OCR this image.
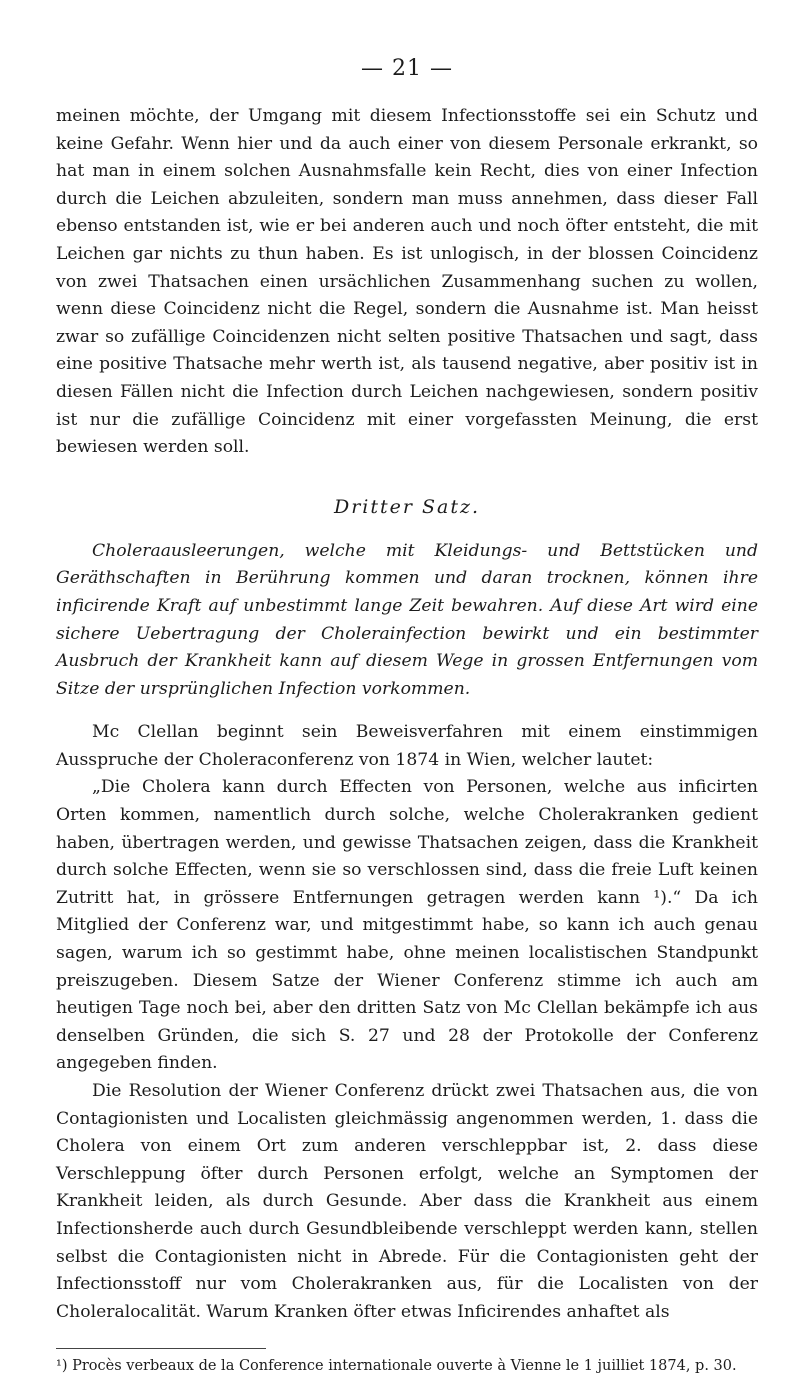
— 21 —

meinen möchte, der Umgang mit diesem Infectionsstoffe sei ein Schutz und keine Gefahr. Wenn hier und da auch einer von diesem Personale erkrankt, so hat man in einem solchen Ausnahmsfalle kein Recht, dies von einer Infection durch die Leichen abzuleiten, sondern man muss annehmen, dass dieser Fall ebenso entstanden ist, wie er bei anderen auch und noch öfter entsteht, die mit Leichen gar nichts zu thun haben. Es ist unlogisch, in der blossen Coincidenz von zwei Thatsachen einen ursächlichen Zusammenhang suchen zu wollen, wenn diese Coincidenz nicht die Regel, sondern die Ausnahme ist. Man heisst zwar so zufällige Coincidenzen nicht selten positive Thatsachen und sagt, dass eine positive Thatsache mehr werth ist, als tausend negative, aber positiv ist in diesen Fällen nicht die Infection durch Leichen nachgewiesen, sondern positiv ist nur die zufällige Coincidenz mit einer vorgefassten Meinung, die erst bewiesen werden soll.

Dritter Satz.

Choleraausleerungen, welche mit Kleidungs- und Bettstücken und Geräthschaften in Berührung kommen und daran trocknen, können ihre inficirende Kraft auf unbestimmt lange Zeit bewahren. Auf diese Art wird eine sichere Uebertragung der Cholerainfection bewirkt und ein bestimmter Ausbruch der Krankheit kann auf diesem Wege in grossen Entfernungen vom Sitze der ursprünglichen Infection vorkommen.

Mc Clellan beginnt sein Beweisverfahren mit einem einstimmigen Ausspruche der Choleraconferenz von 1874 in Wien, welcher lautet:

„Die Cholera kann durch Effecten von Personen, welche aus inficirten Orten kommen, namentlich durch solche, welche Cholerakranken gedient haben, übertragen werden, und gewisse Thatsachen zeigen, dass die Krankheit durch solche Effecten, wenn sie so verschlossen sind, dass die freie Luft keinen Zutritt hat, in grössere Entfernungen getragen werden kann ¹).“ Da ich Mitglied der Conferenz war, und mitgestimmt habe, so kann ich auch genau sagen, warum ich so gestimmt habe, ohne meinen localistischen Standpunkt preiszugeben. Diesem Satze der Wiener Conferenz stimme ich auch am heutigen Tage noch bei, aber den dritten Satz von Mc Clellan bekämpfe ich aus denselben Gründen, die sich S. 27 und 28 der Protokolle der Conferenz angegeben finden.

Die Resolution der Wiener Conferenz drückt zwei Thatsachen aus, die von Contagionisten und Localisten gleichmässig angenommen werden, 1. dass die Cholera von einem Ort zum anderen verschleppbar ist, 2. dass diese Verschleppung öfter durch Personen erfolgt, welche an Symptomen der Krankheit leiden, als durch Gesunde. Aber dass die Krankheit aus einem Infectionsherde auch durch Gesundbleibende verschleppt werden kann, stellen selbst die Contagionisten nicht in Abrede. Für die Contagionisten geht der Infectionsstoff nur vom Cholerakranken aus, für die Localisten von der Choleralocalität. Warum Kranken öfter etwas Inficirendes anhaftet als

¹) Procès verbeaux de la Conference internationale ouverte à Vienne le 1 juilliet 1874, p. 30.
